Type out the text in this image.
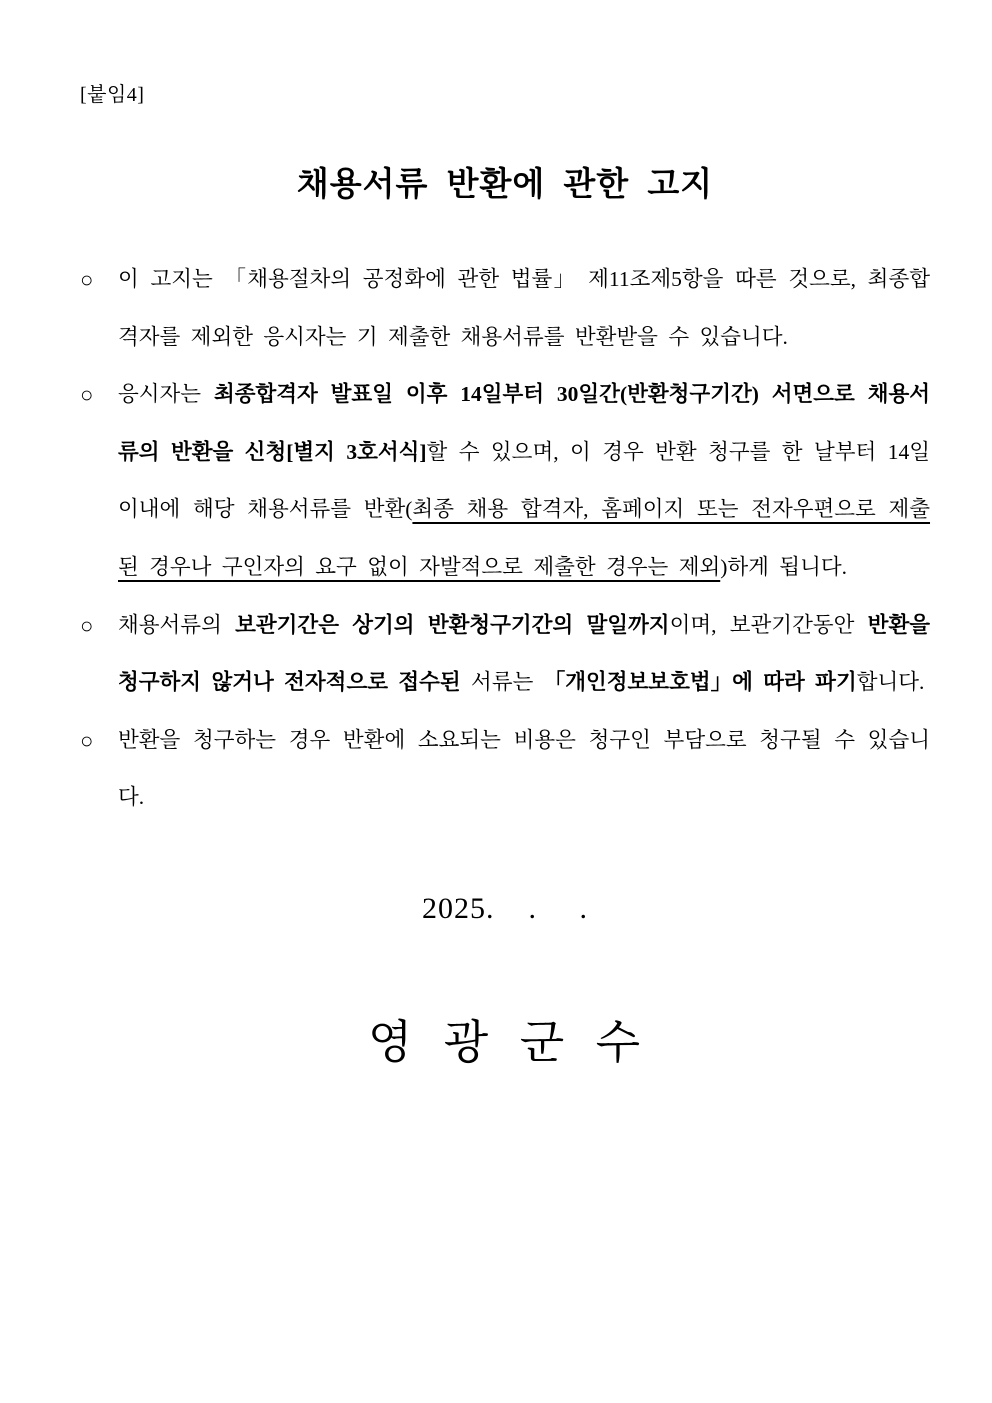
[붙임4]
채용서류 반환에 관한 고지
○	이 고지는 「채용절차의 공정화에 관한 법률」 제11조제5항을 따른 것으로, 최종합격자를 제외한 응시자는 기 제출한 채용서류를 반환받을 수 있습니다.
○	응시자는 최종합격자 발표일 이후 14일부터 30일간(반환청구기간) 서면으로 채용서류의 반환을 신청[별지 3호서식]할 수 있으며, 이 경우 반환 청구를 한 날부터 14일 이내에 해당 채용서류를 반환(최종 채용 합격자, 홈페이지 또는 전자우편으로 제출된 경우나 구인자의 요구 없이 자발적으로 제출한 경우는 제외)하게 됩니다.
○	채용서류의 보관기간은 상기의 반환청구기간의 말일까지이며, 보관기간동안 반환을 청구하지 않거나 전자적으로 접수된 서류는 「개인정보보호법」에 따라 파기합니다.
○	반환을 청구하는 경우 반환에 소요되는 비용은 청구인 부담으로 청구될 수 있습니다.
2025.    .     .
영 광 군 수
